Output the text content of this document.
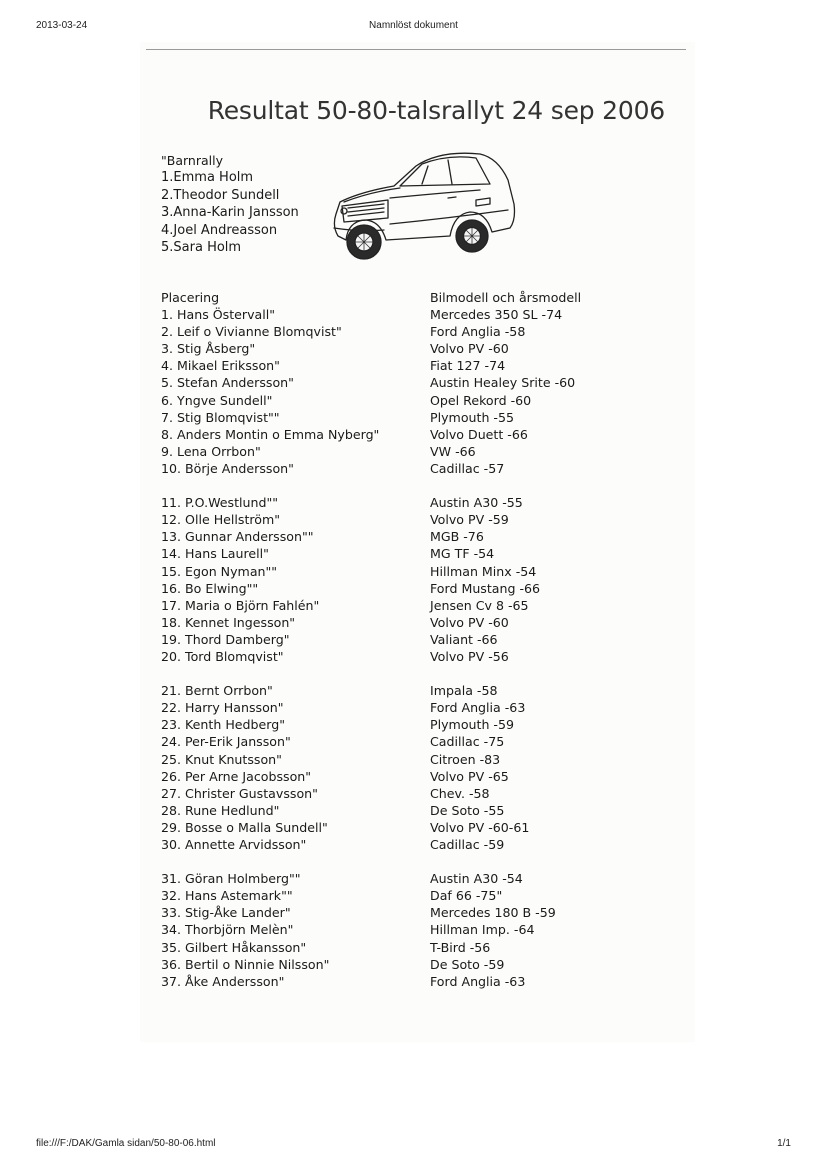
2013-03-24	Namnlöst dokument
Resultat 50-80-talsrallyt 24 sep 2006
"Barnrally
1.Emma Holm
2.Theodor Sundell
3.Anna-Karin Jansson
4.Joel Andreasson
5.Sara Holm
Placering	Bilmodell och årsmodell
1. Hans Östervall"	Mercedes 350 SL -74
2. Leif o Vivianne Blomqvist"	Ford Anglia -58
3. Stig Åsberg"	Volvo PV -60
4. Mikael Eriksson"	Fiat 127 -74
5. Stefan Andersson"	Austin Healey Srite -60
6. Yngve Sundell"	Opel Rekord -60
7. Stig Blomqvist""	Plymouth -55
8. Anders Montin o Emma Nyberg"	Volvo Duett -66
9. Lena Orrbon"	VW -66
10. Börje Andersson"	Cadillac -57
11. P.O.Westlund""	Austin A30 -55
12. Olle Hellström"	Volvo PV -59
13. Gunnar Andersson""	MGB -76
14. Hans Laurell"	MG TF -54
15. Egon Nyman""	Hillman Minx -54
16. Bo Elwing""	Ford Mustang -66
17. Maria o Björn Fahlén"	Jensen Cv 8 -65
18. Kennet Ingesson"	Volvo PV -60
19. Thord Damberg"	Valiant -66
20. Tord Blomqvist"	Volvo PV -56
21. Bernt Orrbon"	Impala -58
22. Harry Hansson"	Ford Anglia -63
23. Kenth Hedberg"	Plymouth -59
24. Per-Erik Jansson"	Cadillac -75
25. Knut Knutsson"	Citroen -83
26. Per Arne Jacobsson"	Volvo PV -65
27. Christer Gustavsson"	Chev. -58
28. Rune Hedlund"	De Soto -55
29. Bosse o Malla Sundell"	Volvo PV -60-61
30. Annette Arvidsson"	Cadillac -59
31. Göran Holmberg""	Austin A30 -54
32. Hans Astemark""	Daf 66 -75"
33. Stig-Åke Lander"	Mercedes 180 B -59
34. Thorbjörn Melèn"	Hillman Imp. -64
35. Gilbert Håkansson"	T-Bird -56
36. Bertil o Ninnie Nilsson"	De Soto -59
37. Åke Andersson"	Ford Anglia -63
file:///F:/DAK/Gamla sidan/50-80-06.html	1/1
